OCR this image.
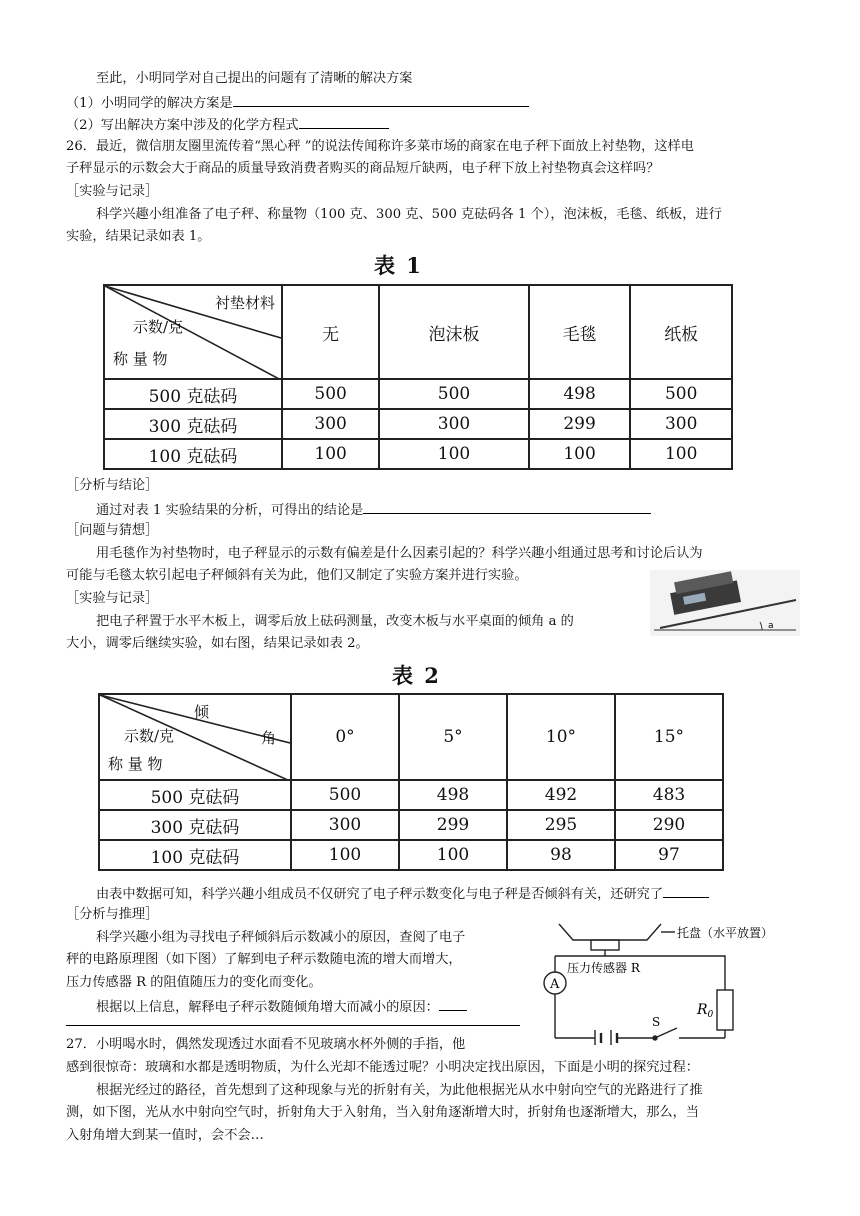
至此，小明同学对自己提出的问题有了清晰的解决方案
（1）小明同学的解决方案是
（2）写出解决方案中涉及的化学方程式
26．最近，微信朋友圈里流传着“黑心秤 ”的说法传闻称许多菜市场的商家在电子秤下面放上衬垫物，这样电
子秤显示的示数会大于商品的质量导致消费者购买的商品短斤缺两，电子秤下放上衬垫物真会这样吗？
［实验与记录］
科学兴趣小组准备了电子秤、称量物（100 克、300 克、500 克砝码各 1 个），泡沫板，毛毯、纸板，进行
实验，结果记录如表 1。
表 1
衬垫材料
示数/克
称 量 物	无	泡沫板	毛毯	纸板
500 克砝码	500	500	498	500
300 克砝码	300	300	299	300
100 克砝码	100	100	100	100
［分析与结论］
通过对表 1 实验结果的分析，可得出的结论是
［问题与猜想］
用毛毯作为衬垫物时，电子秤显示的示数有偏差是什么因素引起的？科学兴趣小组通过思考和讨论后认为
可能与毛毯太软引起电子秤倾斜有关为此，他们又制定了实验方案并进行实验。
［实验与记录］
把电子秤置于水平木板上，调零后放上砝码测量，改变木板与水平桌面的倾角 a 的
大小，调零后继续实验，如右图，结果记录如表 2。
a
表 2
倾
角
示数/克
称 量 物	0°	5°	10°	15°
500 克砝码	500	498	492	483
300 克砝码	300	299	295	290
100 克砝码	100	100	98	97
由表中数据可知，科学兴趣小组成员不仅研究了电子秤示数变化与电子秤是否倾斜有关，还研究了
［分析与推理］
科学兴趣小组为寻找电子秤倾斜后示数减小的原因，查阅了电子
秤的电路原理图（如下图）了解到电子秤示数随电流的增大而增大，
压力传感器 R 的阻值随压力的变化而变化。
根据以上信息，解释电子秤示数随倾角增大而减小的原因：
27．小明喝水时，偶然发现透过水面看不见玻璃水杯外侧的手指，他
感到很惊奇：玻璃和水都是透明物质，为什么光却不能透过呢？小明决定找出原因，下面是小明的探究过程：
根据光经过的路径，首先想到了这种现象与光的折射有关，为此他根据光从水中射向空气的光路进行了推
测，如下图，光从水中射向空气时，折射角大于入射角，当入射角逐渐增大时，折射角也逐渐增大，那么，当
入射角增大到某一值时，会不会…
托盘（水平放置）
压力传感器 R
A
$R_0$
S
